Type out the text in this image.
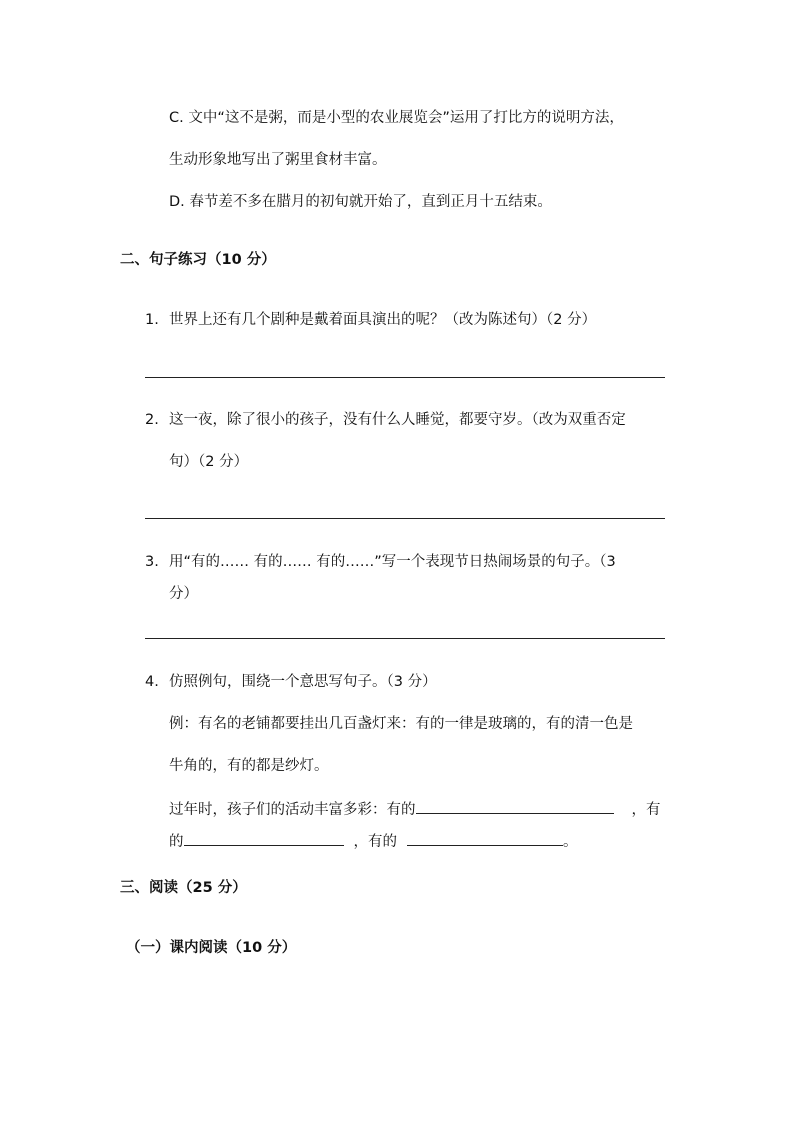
C. 文中“这不是粥，而是小型的农业展览会”运用了打比方的说明方法，
生动形象地写出了粥里食材丰富。
D. 春节差不多在腊月的初旬就开始了，直到正月十五结束。
二、句子练习（10 分）
1. 世界上还有几个剧种是戴着面具演出的呢？（改为陈述句）（2 分）
2. 这一夜，除了很小的孩子，没有什么人睡觉，都要守岁。（改为双重否定
句）（2 分）
3. 用“有的…… 有的…… 有的……”写一个表现节日热闹场景的句子。（3
分）
4. 仿照例句，围绕一个意思写句子。（3 分）
例：有名的老铺都要挂出几百盏灯来：有的一律是玻璃的，有的清一色是
牛角的，有的都是纱灯。
过年时，孩子们的活动丰富多彩：有的	，有
的	，有的	。
三、阅读（25 分）
（一）课内阅读（10 分）
